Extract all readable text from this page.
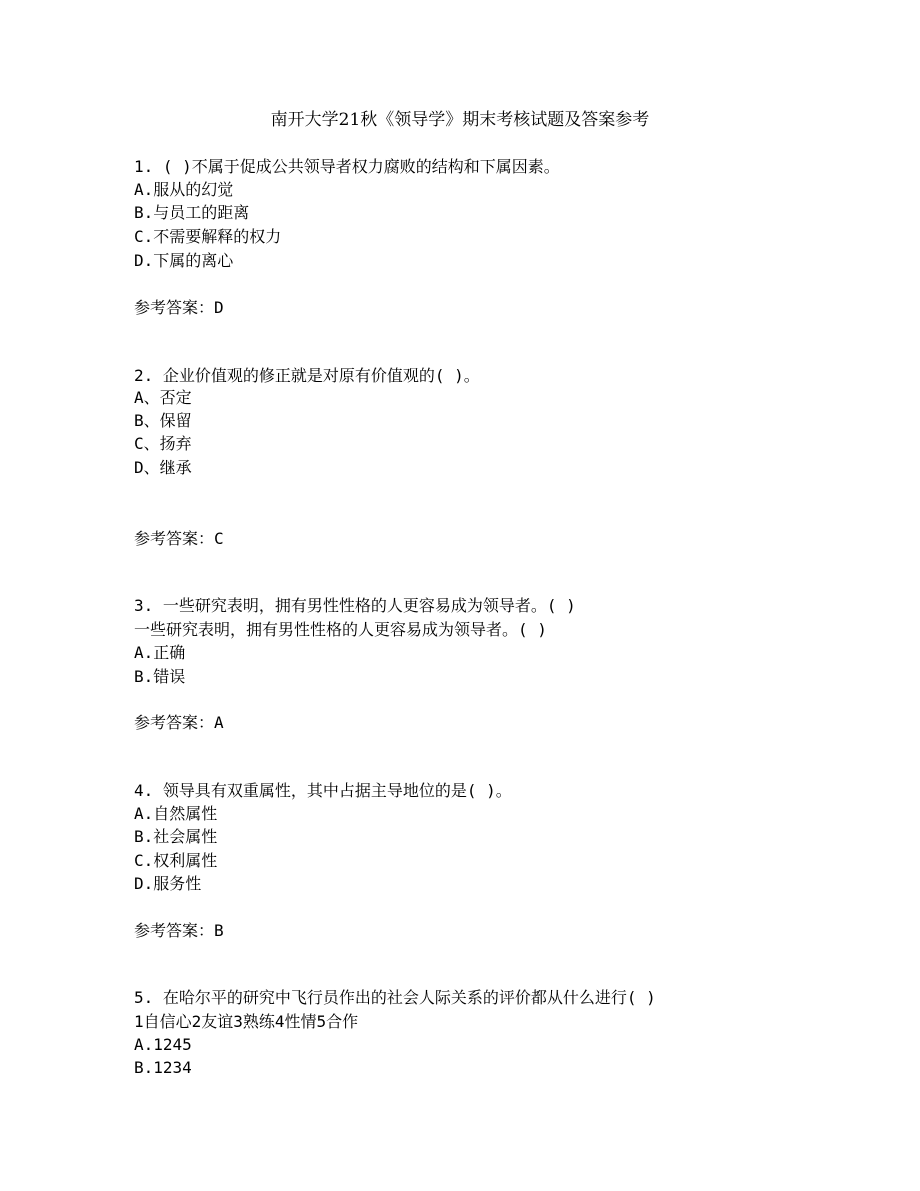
南开大学21秋《领导学》期末考核试题及答案参考
1. ( )不属于促成公共领导者权力腐败的结构和下属因素。
A.服从的幻觉
B.与员工的距离
C.不需要解释的权力
D.下属的离心
参考答案：D
2. 企业价值观的修正就是对原有价值观的( )。
A、否定
B、保留
C、扬弃
D、继承
参考答案：C
3. 一些研究表明，拥有男性性格的人更容易成为领导者。( )
一些研究表明，拥有男性性格的人更容易成为领导者。( )
A.正确
B.错误
参考答案：A
4. 领导具有双重属性，其中占据主导地位的是( )。
A.自然属性
B.社会属性
C.权利属性
D.服务性
参考答案：B
5. 在哈尔平的研究中飞行员作出的社会人际关系的评价都从什么进行( )
1自信心2友谊3熟练4性情5合作
A.1245
B.1234
